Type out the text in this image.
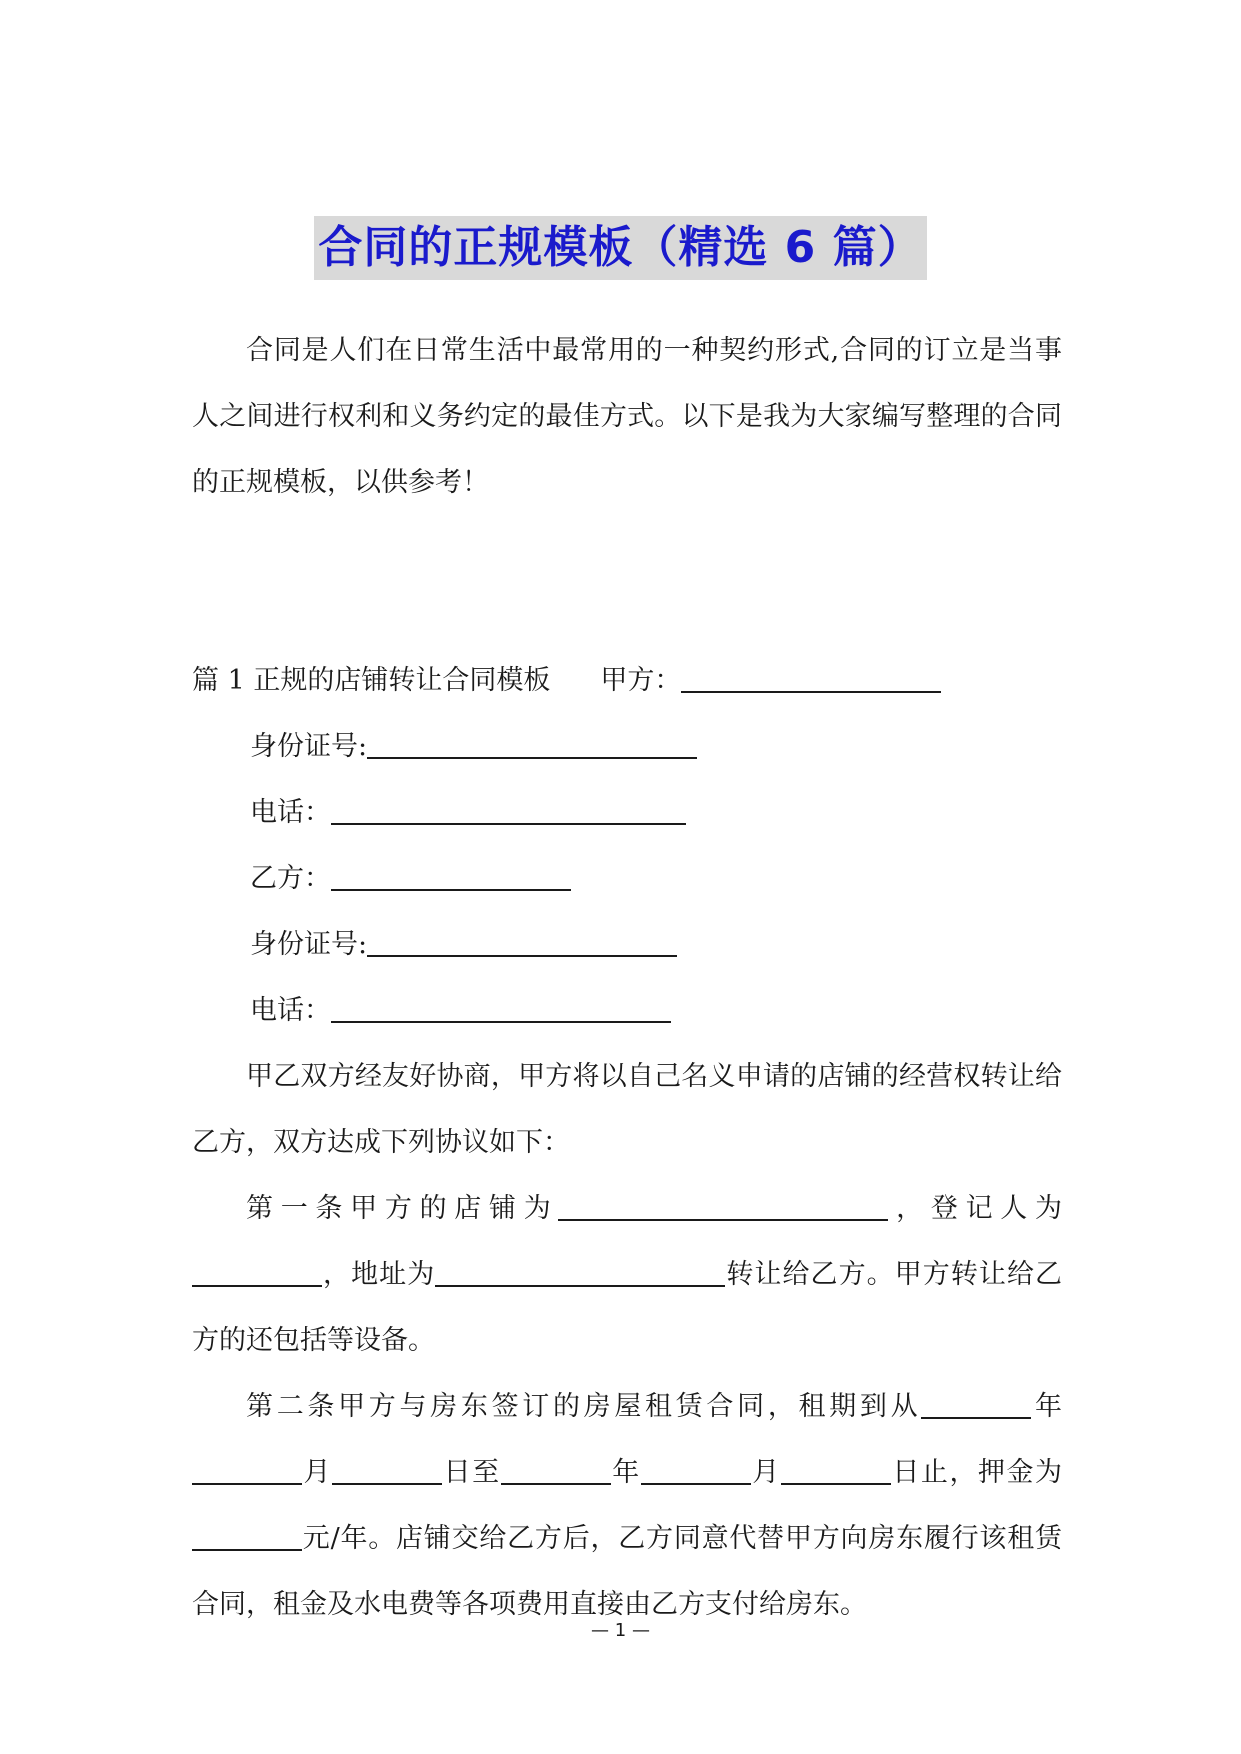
合同的正规模板（精选 6 篇）

合同是人们在日常生活中最常用的一种契约形式,合同的订立是当事人之间进行权利和义务约定的最佳方式。以下是我为大家编写整理的合同的正规模板，以供参考！

篇 1 正规的店铺转让合同模板 甲方：

身份证号:

电话：

乙方：

身份证号:

电话：

甲乙双方经友好协商，甲方将以自己名义申请的店铺的经营权转让给乙方，双方达成下列协议如下：

第一条甲方的店铺为	，登记人为，地址为	转让给乙方。甲方转让给乙方的还包括等设备。

第二条甲方与房东签订的房屋租赁合同，租期到从	年月	日至	年	月	日止，押金为元/年。店铺交给乙方后，乙方同意代替甲方向房东履行该租赁合同，租金及水电费等各项费用直接由乙方支付给房东。

— 1 —
